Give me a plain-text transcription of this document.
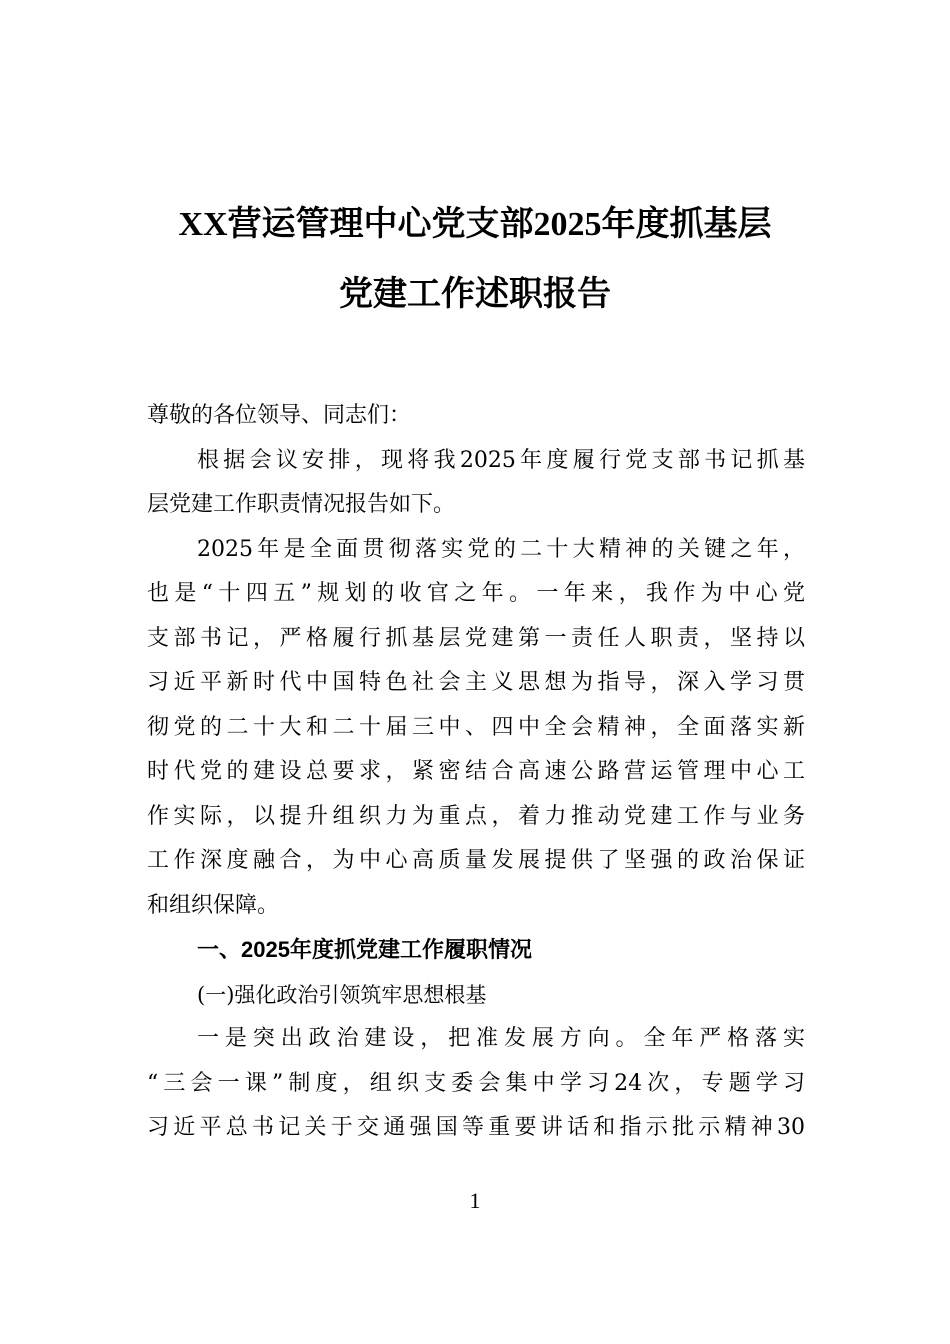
XX营运管理中心党支部2025年度抓基层
党建工作述职报告
尊敬的各位领导、同志们：
根据会议安排，现将我2025年度履行党支部书记抓基
层党建工作职责情况报告如下。
2025年是全面贯彻落实党的二十大精神的关键之年，
也是“十四五”规划的收官之年。一年来，我作为中心党
支部书记，严格履行抓基层党建第一责任人职责，坚持以
习近平新时代中国特色社会主义思想为指导，深入学习贯
彻党的二十大和二十届三中、四中全会精神，全面落实新
时代党的建设总要求，紧密结合高速公路营运管理中心工
作实际，以提升组织力为重点，着力推动党建工作与业务
工作深度融合，为中心高质量发展提供了坚强的政治保证
和组织保障。
一、2025年度抓党建工作履职情况
(一)强化政治引领筑牢思想根基
一是突出政治建设，把准发展方向。全年严格落实
“三会一课”制度，组织支委会集中学习24次，专题学习
习近平总书记关于交通强国等重要讲话和指示批示精神30
1
